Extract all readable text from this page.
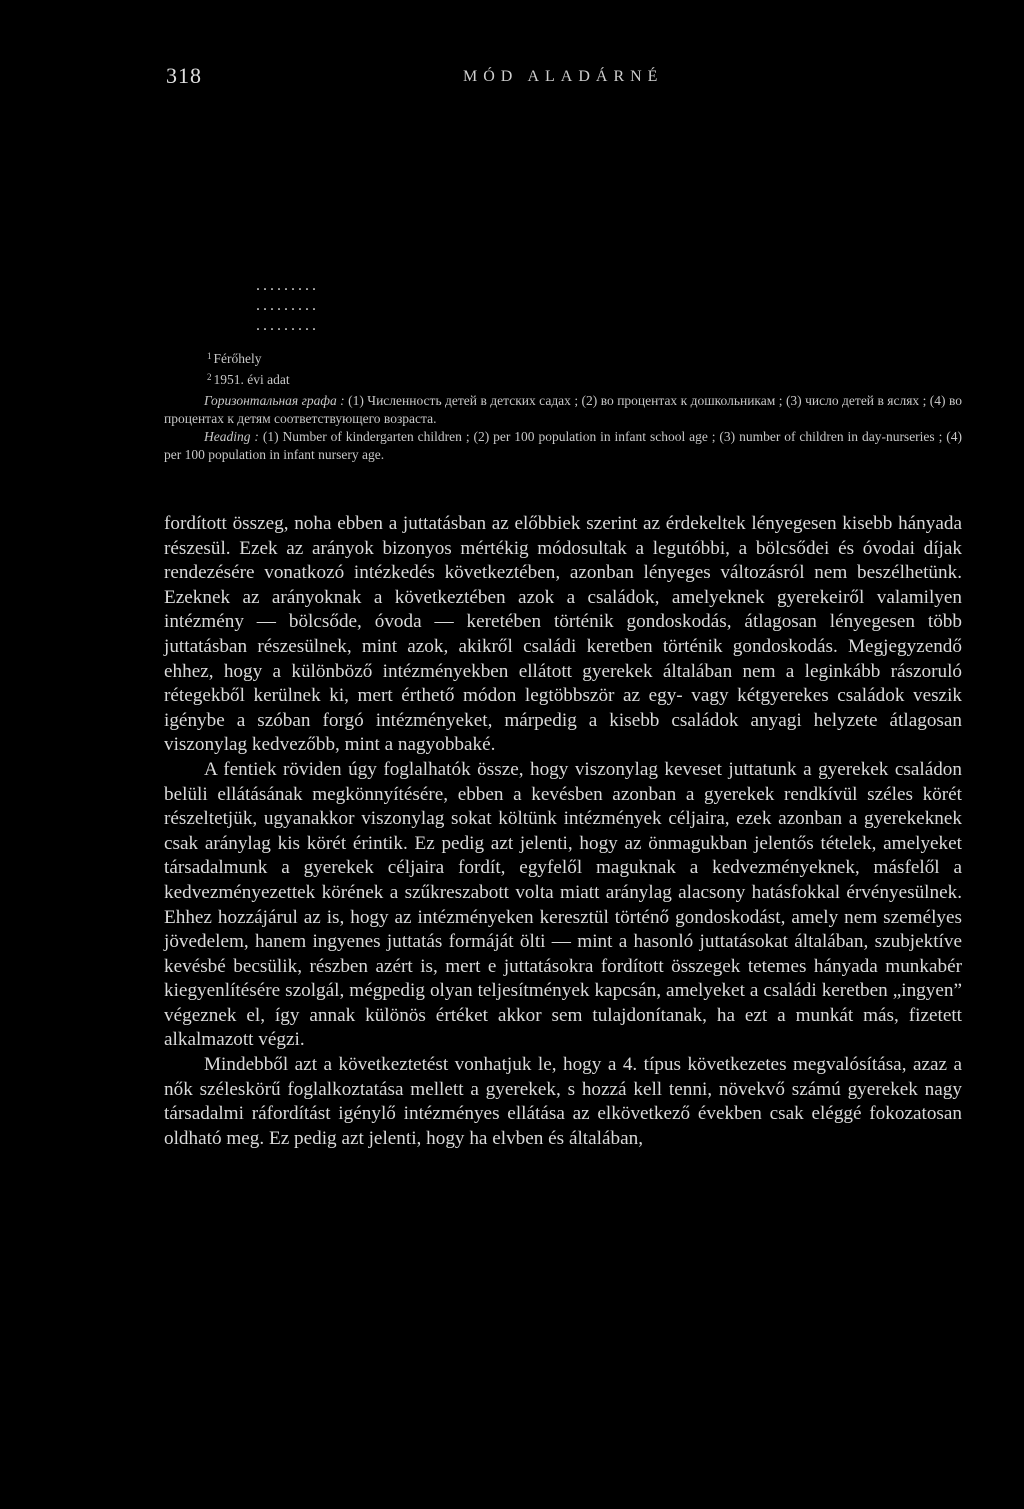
318	MÓD ALADÁRNÉ
.........
.........
.........
$^1$ Férőhely
$^2$ 1951. évi adat

Горизонтальная графа : (1) Численность детей в детских садах ; (2) во процентах к дошкольникам ; (3) число детей в яслях ; (4) во процентах к детям соответствующего возраста.

Heading : (1) Number of kindergarten children ; (2) per 100 population in infant school age ; (3) number of children in day-nurseries ; (4) per 100 population in infant nursery age.

fordított összeg, noha ebben a juttatásban az előbbiek szerint az érdekeltek lényegesen kisebb hányada részesül. Ezek az arányok bizonyos mértékig módosultak a legutóbbi, a bölcsődei és óvodai díjak rendezésére vonatkozó intézkedés következtében, azonban lényeges változásról nem beszélhetünk. Ezeknek az arányoknak a következtében azok a családok, amelyeknek gyerekeiről valamilyen intézmény — bölcsőde, óvoda — keretében történik gondoskodás, átlagosan lényegesen több juttatásban részesülnek, mint azok, akikről családi keretben történik gondoskodás. Megjegyzendő ehhez, hogy a különböző intézményekben ellátott gyerekek általában nem a leginkább rászoruló rétegekből kerülnek ki, mert érthető módon legtöbbször az egy- vagy kétgyerekes családok veszik igénybe a szóban forgó intézményeket, márpedig a kisebb családok anyagi helyzete átlagosan viszonylag kedvezőbb, mint a nagyobbaké.

A fentiek röviden úgy foglalhatók össze, hogy viszonylag keveset juttatunk a gyerekek családon belüli ellátásának megkönnyítésére, ebben a kevésben azonban a gyerekek rendkívül széles körét részeltetjük, ugyanakkor viszonylag sokat költünk intézmények céljaira, ezek azonban a gyerekeknek csak aránylag kis körét érintik. Ez pedig azt jelenti, hogy az önmagukban jelentős tételek, amelyeket társadalmunk a gyerekek céljaira fordít, egyfelől maguknak a kedvezményeknek, másfelől a kedvezményezettek körének a szűkreszabott volta miatt aránylag alacsony hatásfokkal érvényesülnek. Ehhez hozzájárul az is, hogy az intézményeken keresztül történő gondoskodást, amely nem személyes jövedelem, hanem ingyenes juttatás formáját ölti — mint a hasonló juttatásokat általában, szubjektíve kevésbé becsülik, részben azért is, mert e juttatásokra fordított összegek tetemes hányada munkabér kiegyenlítésére szolgál, mégpedig olyan teljesítmények kapcsán, amelyeket a családi keretben „ingyen” végeznek el, így annak különös értéket akkor sem tulajdonítanak, ha ezt a munkát más, fizetett alkalmazott végzi.

Mindebből azt a következtetést vonhatjuk le, hogy a 4. típus következetes megvalósítása, azaz a nők széleskörű foglalkoztatása mellett a gyerekek, s hozzá kell tenni, növekvő számú gyerekek nagy társadalmi ráfordítást igénylő intézményes ellátása az elkövetkező években csak eléggé fokozatosan oldható meg. Ez pedig azt jelenti, hogy ha elvben és általában,
